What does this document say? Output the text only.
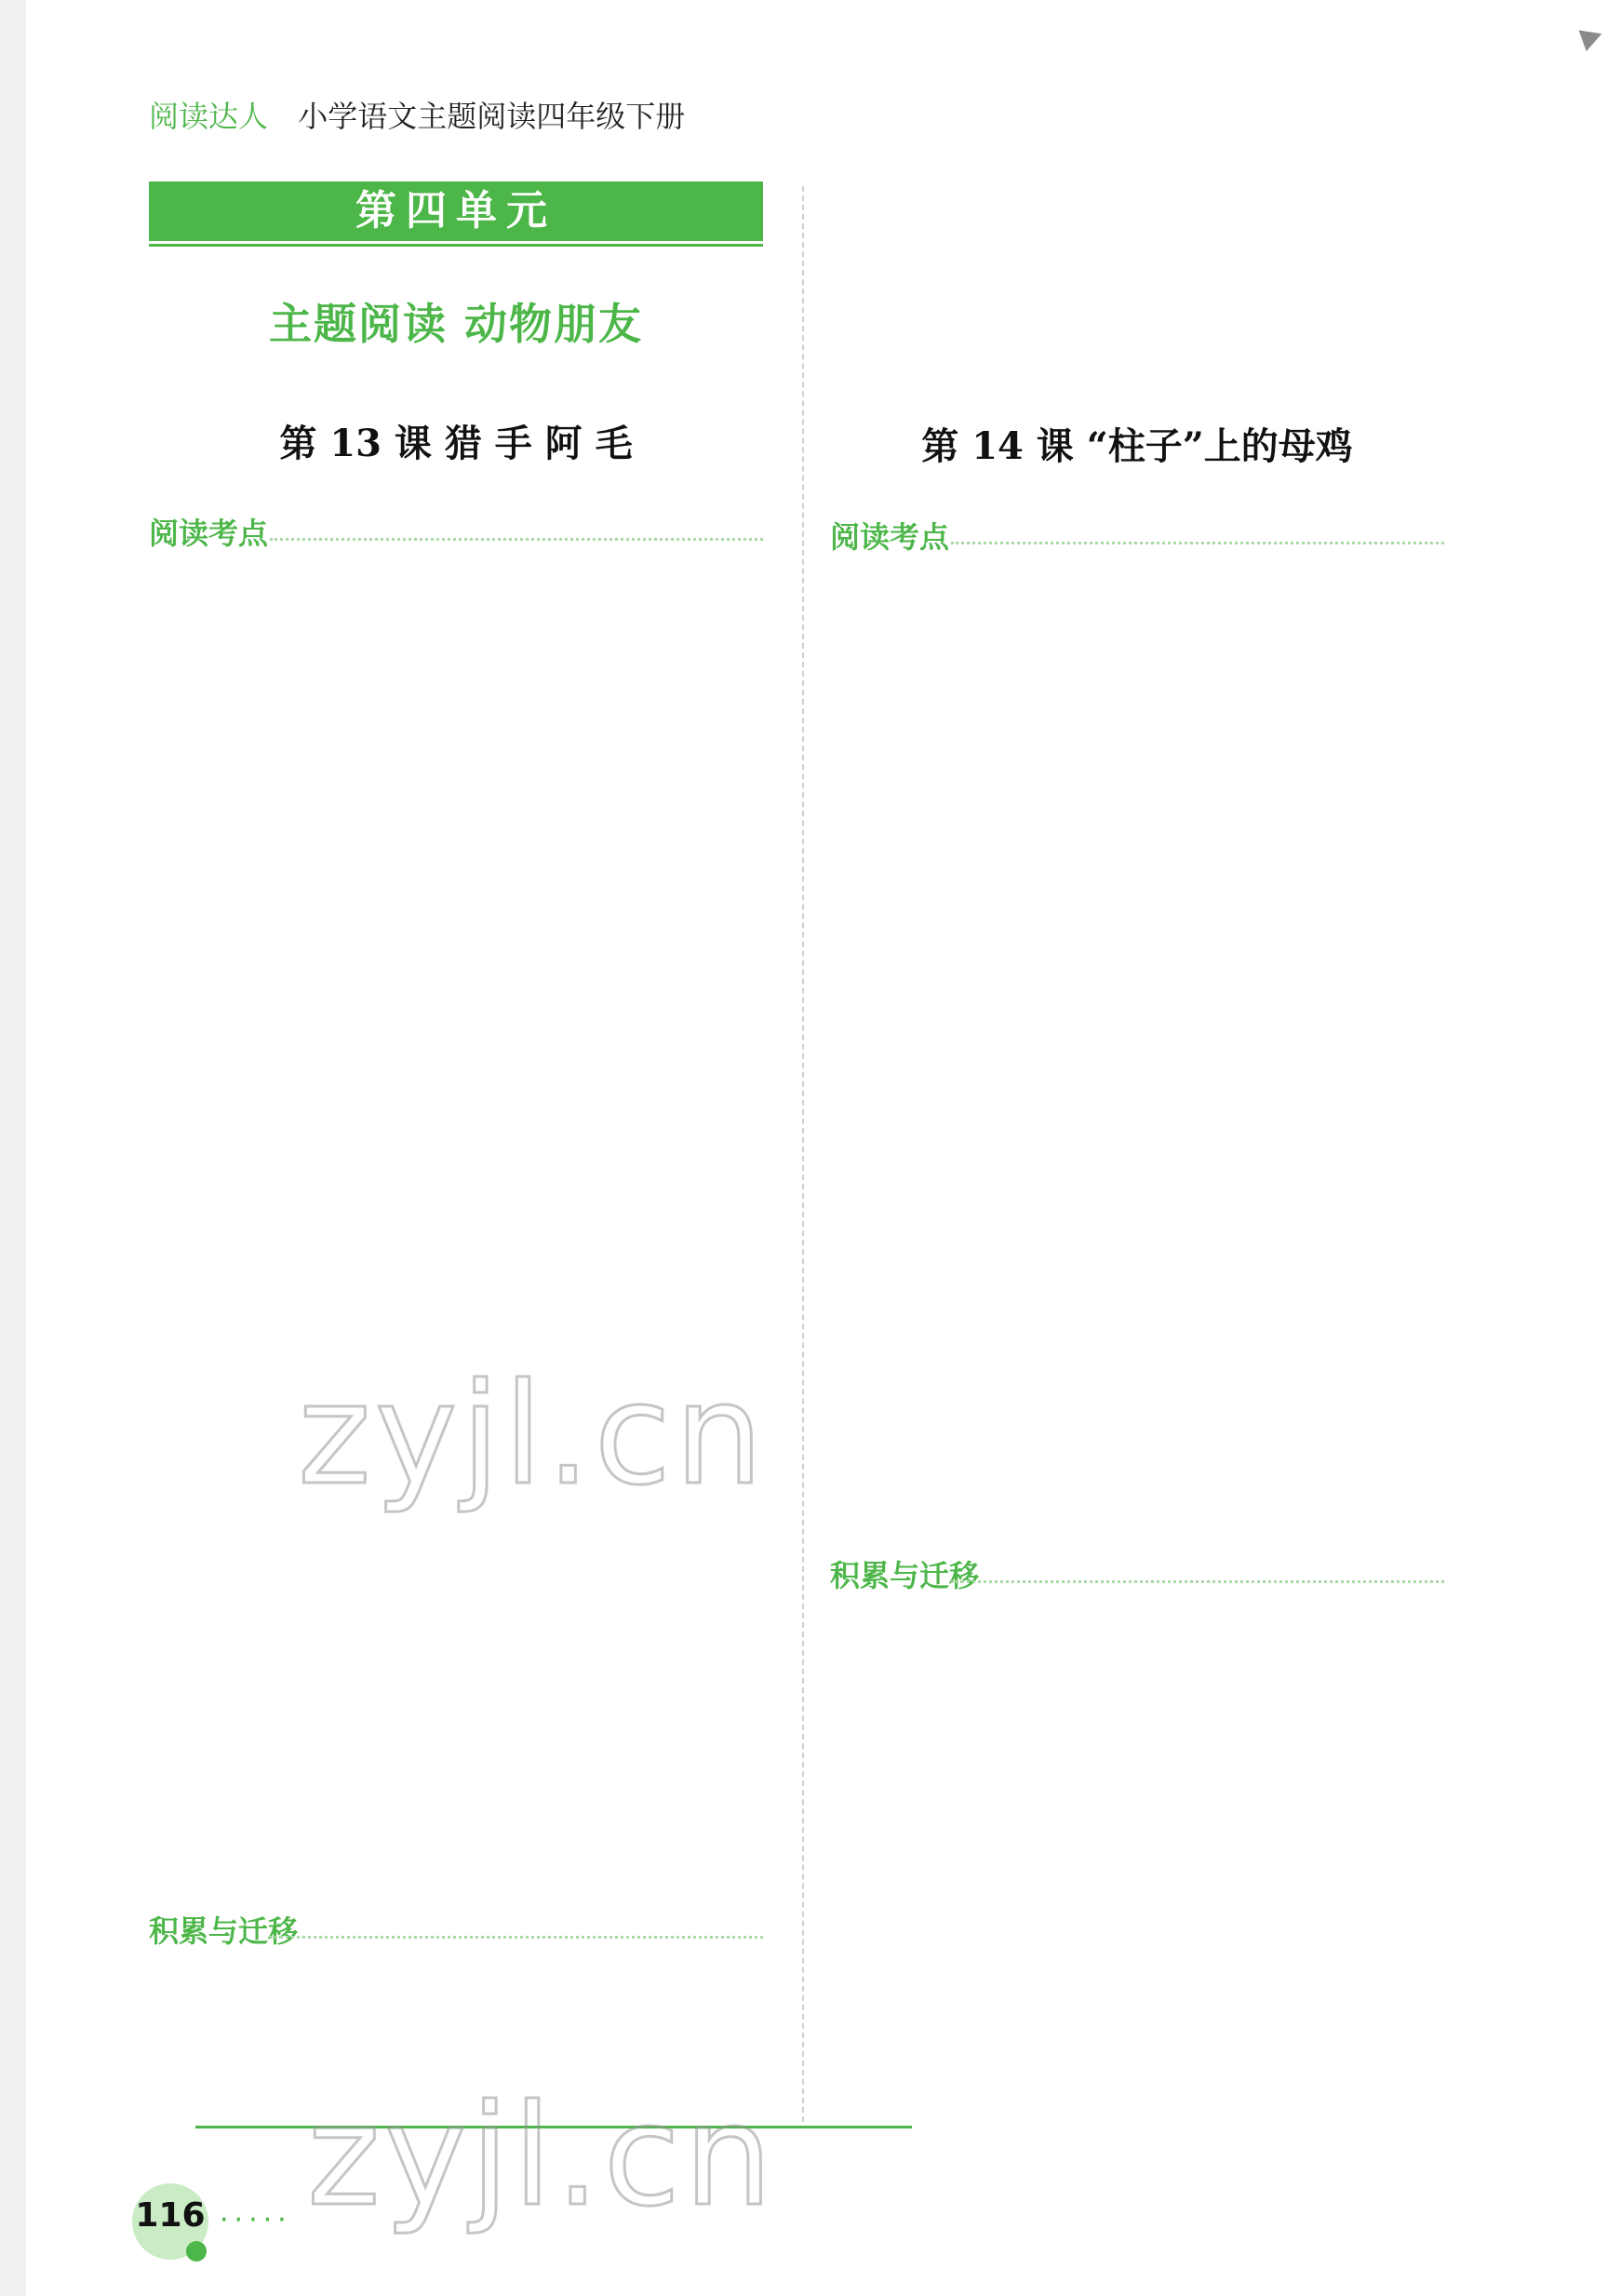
阅读达人 小学语文主题阅读四年级下册
第四单元
主题阅读 动物朋友
第 13 课 猎 手 阿 毛
阅读考点
积累与迁移
第 14 课 “柱子”上的母鸡
阅读考点
积累与迁移
zyjl.cn
zyjl.cn
116 ·····
